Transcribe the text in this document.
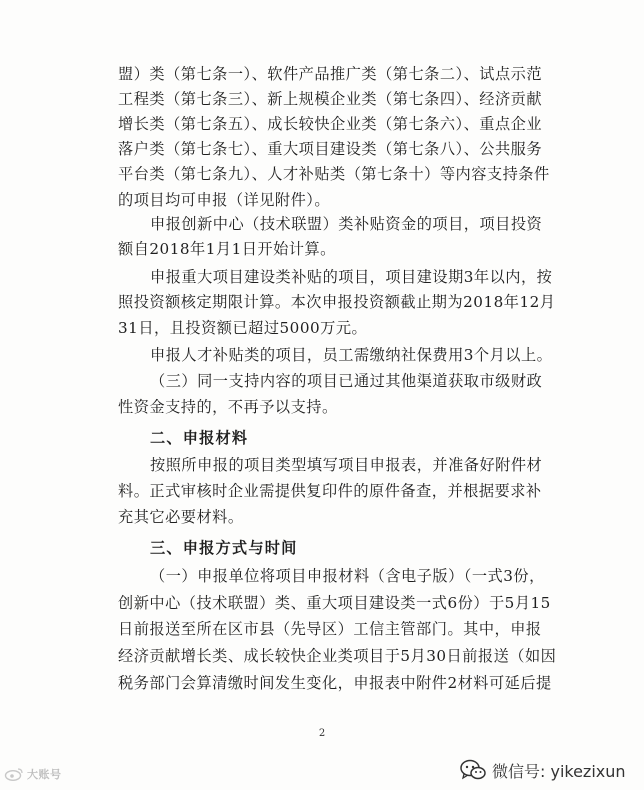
盟）类（第七条一）、软件产品推广类（第七条二）、试点示范
工程类（第七条三）、新上规模企业类（第七条四）、经济贡献
增长类（第七条五）、成长较快企业类（第七条六）、重点企业
落户类（第七条七）、重大项目建设类（第七条八）、公共服务
平台类（第七条九）、人才补贴类（第七条十）等内容支持条件
的项目均可申报（详见附件）。
申报创新中心（技术联盟）类补贴资金的项目，项目投资
额自2018年1月1日开始计算。
申报重大项目建设类补贴的项目，项目建设期3年以内，按
照投资额核定期限计算。本次申报投资额截止期为2018年12月
31日，且投资额已超过5000万元。
申报人才补贴类的项目，员工需缴纳社保费用3个月以上。
（三）同一支持内容的项目已通过其他渠道获取市级财政
性资金支持的，不再予以支持。
二、申报材料
按照所申报的项目类型填写项目申报表，并准备好附件材
料。正式审核时企业需提供复印件的原件备查，并根据要求补
充其它必要材料。
三、申报方式与时间
（一）申报单位将项目申报材料（含电子版）（一式3份，
创新中心（技术联盟）类、重大项目建设类一式6份）于5月15
日前报送至所在区市县（先导区）工信主管部门。其中，申报
经济贡献增长类、成长较快企业类项目于5月30日前报送（如因
税务部门会算清缴时间发生变化，申报表中附件2材料可延后提
2
大账号	微信号: yikezixun
